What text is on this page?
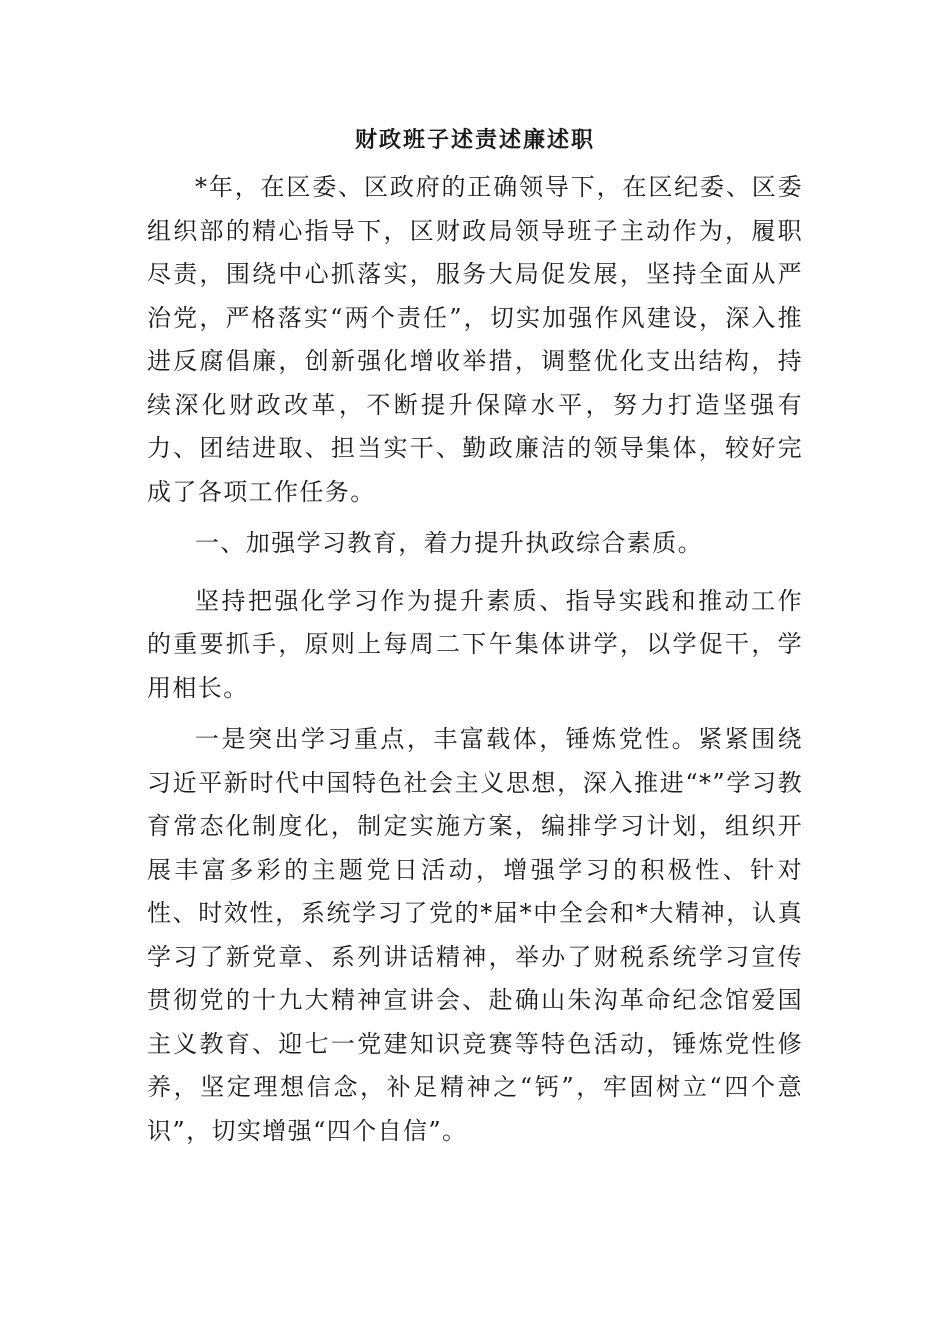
财政班子述责述廉述职

*年，在区委、区政府的正确领导下，在区纪委、区委组织部的精心指导下，区财政局领导班子主动作为，履职尽责，围绕中心抓落实，服务大局促发展，坚持全面从严治党，严格落实“两个责任”，切实加强作风建设，深入推进反腐倡廉，创新强化增收举措，调整优化支出结构，持续深化财政改革，不断提升保障水平，努力打造坚强有力、团结进取、担当实干、勤政廉洁的领导集体，较好完成了各项工作任务。

一、加强学习教育，着力提升执政综合素质。

坚持把强化学习作为提升素质、指导实践和推动工作的重要抓手，原则上每周二下午集体讲学，以学促干，学用相长。

一是突出学习重点，丰富载体，锤炼党性。紧紧围绕习近平新时代中国特色社会主义思想，深入推进“*”学习教育常态化制度化，制定实施方案，编排学习计划，组织开展丰富多彩的主题党日活动，增强学习的积极性、针对性、时效性，系统学习了党的*届*中全会和*大精神，认真学习了新党章、系列讲话精神，举办了财税系统学习宣传贯彻党的十九大精神宣讲会、赴确山朱沟革命纪念馆爱国主义教育、迎七一党建知识竞赛等特色活动，锤炼党性修养，坚定理想信念，补足精神之“钙”，牢固树立“四个意识”，切实增强“四个自信”。
